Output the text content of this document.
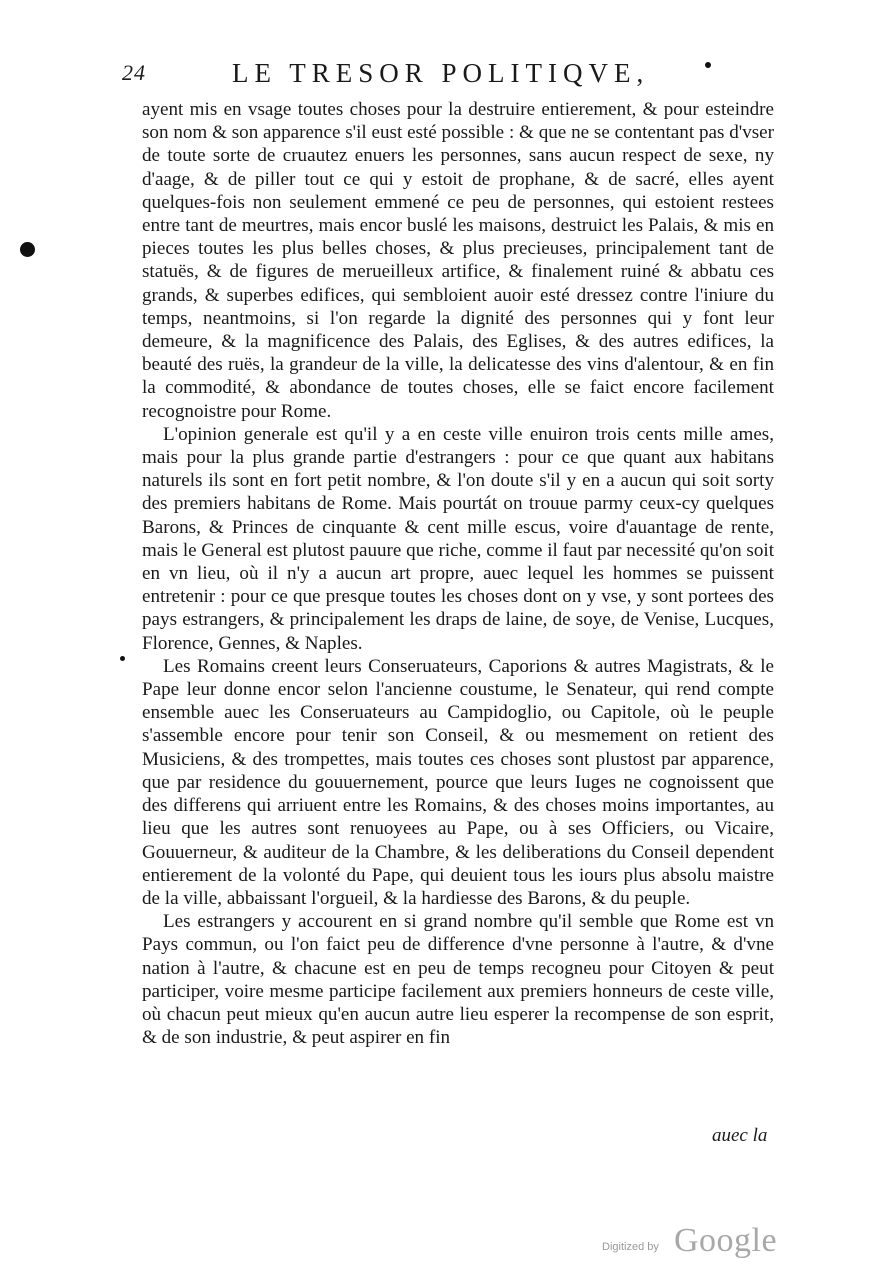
24	LE TRESOR POLITIQVE,

ayent mis en vsage toutes choses pour la destruire entierement, & pour esteindre son nom & son apparence s'il eust esté possible : & que ne se contentant pas d'vser de toute sorte de cruautez enuers les personnes, sans aucun respect de sexe, ny d'aage, & de piller tout ce qui y estoit de prophane, & de sacré, elles ayent quelques-fois non seulement emmené ce peu de personnes, qui estoient restees entre tant de meurtres, mais encor buslé les maisons, destruict les Palais, & mis en pieces toutes les plus belles choses, & plus precieuses, principalement tant de statuës, & de figures de merueilleux artifice, & finalement ruiné & abbatu ces grands, & superbes edifices, qui sembloient auoir esté dressez contre l'iniure du temps, neantmoins, si l'on regarde la dignité des personnes qui y font leur demeure, & la magnificence des Palais, des Eglises, & des autres edifices, la beauté des ruës, la grandeur de la ville, la delicatesse des vins d'alentour, & en fin la commodité, & abondance de toutes choses, elle se faict encore facilement recognoistre pour Rome.

L'opinion generale est qu'il y a en ceste ville enuiron trois cents mille ames, mais pour la plus grande partie d'estrangers : pour ce que quant aux habitans naturels ils sont en fort petit nombre, & l'on doute s'il y en a aucun qui soit sorty des premiers habitans de Rome. Mais pourtát on trouue parmy ceux-cy quelques Barons, & Princes de cinquante & cent mille escus, voire d'auantage de rente, mais le General est plutost pauure que riche, comme il faut par necessité qu'on soit en vn lieu, où il n'y a aucun art propre, auec lequel les hommes se puissent entretenir : pour ce que presque toutes les choses dont on y vse, y sont portees des pays estrangers, & principalement les draps de laine, de soye, de Venise, Lucques, Florence, Gennes, & Naples.

Les Romains creent leurs Conseruateurs, Caporions & autres Magistrats, & le Pape leur donne encor selon l'ancienne coustume, le Senateur, qui rend compte ensemble auec les Conseruateurs au Campidoglio, ou Capitole, où le peuple s'assemble encore pour tenir son Conseil, & ou mesmement on retient des Musiciens, & des trompettes, mais toutes ces choses sont plustost par apparence, que par residence du gouuernement, pource que leurs Iuges ne cognoissent que des differens qui arriuent entre les Romains, & des choses moins importantes, au lieu que les autres sont renuoyees au Pape, ou à ses Officiers, ou Vicaire, Gouuerneur, & auditeur de la Chambre, & les deliberations du Conseil dependent entierement de la volonté du Pape, qui deuient tous les iours plus absolu maistre de la ville, abbaissant l'orgueil, & la hardiesse des Barons, & du peuple.

Les estrangers y accourent en si grand nombre qu'il semble que Rome est vn Pays commun, ou l'on faict peu de difference d'vne personne à l'autre, & d'vne nation à l'autre, & chacune est en peu de temps recogneu pour Citoyen & peut participer, voire mesme participe facilement aux premiers honneurs de ceste ville, où chacun peut mieux qu'en aucun autre lieu esperer la recompense de son esprit, & de son industrie, & peut aspirer en fin

auec la
Digitized by Google
